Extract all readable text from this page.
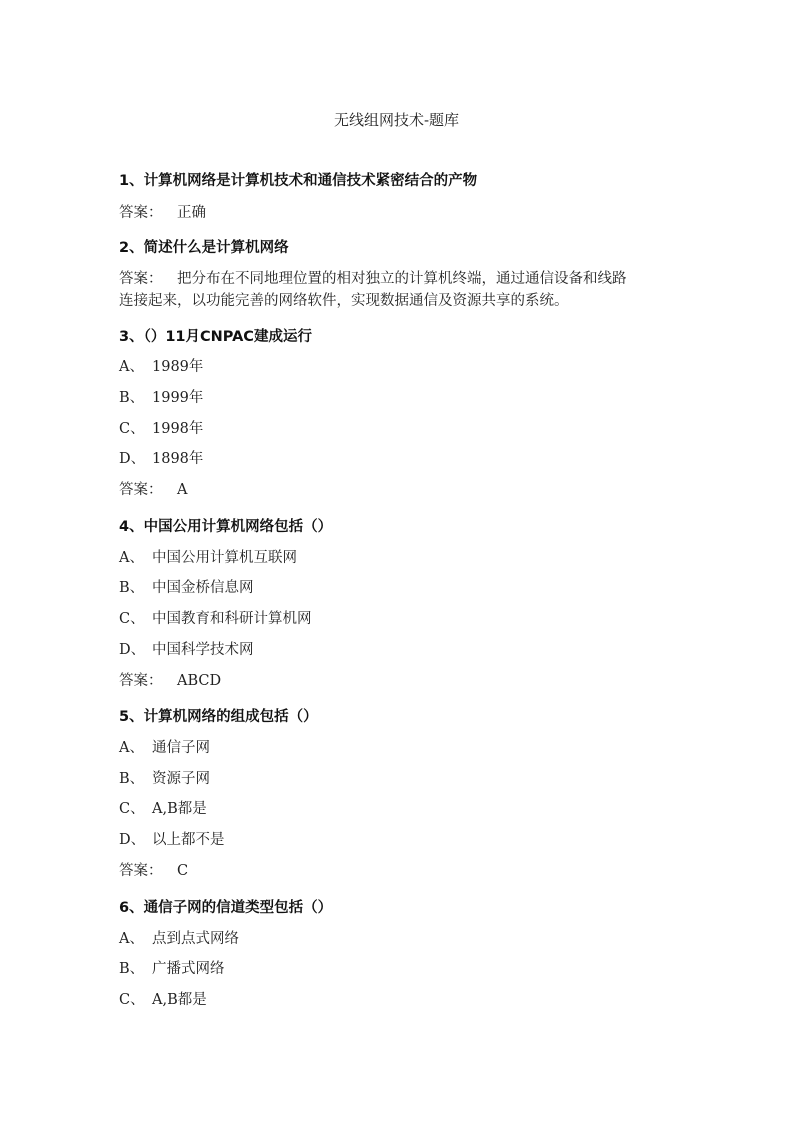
无线组网技术-题库
1、计算机网络是计算机技术和通信技术紧密结合的产物
答案： 正确
2、简述什么是计算机网络
答案： 把分布在不同地理位置的相对独立的计算机终端，通过通信设备和线路
连接起来，以功能完善的网络软件，实现数据通信及资源共享的系统。
3、（）11月CNPAC建成运行
A、 1989年
B、 1999年
C、 1998年
D、 1898年
答案： A
4、中国公用计算机网络包括（）
A、 中国公用计算机互联网
B、 中国金桥信息网
C、 中国教育和科研计算机网
D、 中国科学技术网
答案： ABCD
5、计算机网络的组成包括（）
A、 通信子网
B、 资源子网
C、 A,B都是
D、 以上都不是
答案： C
6、通信子网的信道类型包括（）
A、 点到点式网络
B、 广播式网络
C、 A,B都是
